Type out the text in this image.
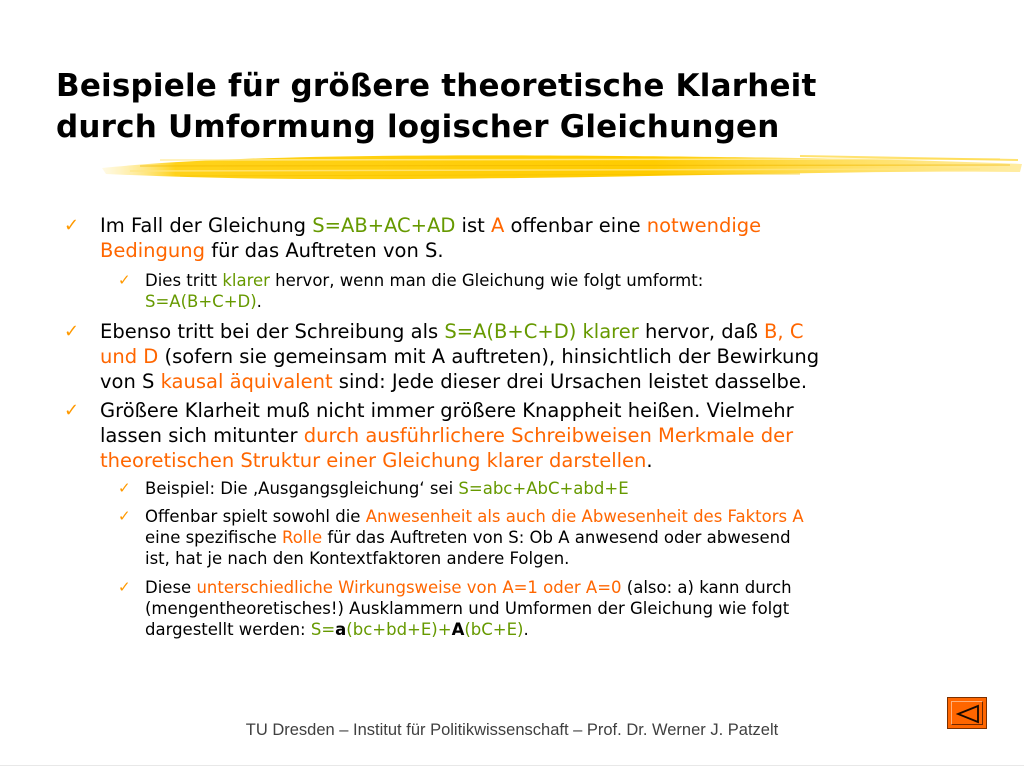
Beispiele für größere theoretische Klarheit
durch Umformung logischer Gleichungen
✓ Im Fall der Gleichung S=AB+AC+AD ist A offenbar eine notwendige
Bedingung für das Auftreten von S.
✓ Dies tritt klarer hervor, wenn man die Gleichung wie folgt umformt:
S=A(B+C+D).
✓ Ebenso tritt bei der Schreibung als S=A(B+C+D) klarer hervor, daß B, C
und D (sofern sie gemeinsam mit A auftreten), hinsichtlich der Bewirkung
von S kausal äquivalent sind: Jede dieser drei Ursachen leistet dasselbe.
✓ Größere Klarheit muß nicht immer größere Knappheit heißen. Vielmehr
lassen sich mitunter durch ausführlichere Schreibweisen Merkmale der
theoretischen Struktur einer Gleichung klarer darstellen.
✓ Beispiel: Die ‚Ausgangsgleichung‘ sei S=abc+AbC+abd+E
✓ Offenbar spielt sowohl die Anwesenheit als auch die Abwesenheit des Faktors A
eine spezifische Rolle für das Auftreten von S: Ob A anwesend oder abwesend
ist, hat je nach den Kontextfaktoren andere Folgen.
✓ Diese unterschiedliche Wirkungsweise von A=1 oder A=0 (also: a) kann durch
(mengentheoretisches!) Ausklammern und Umformen der Gleichung wie folgt
dargestellt werden: S=a(bc+bd+E)+A(bC+E).
TU Dresden – Institut für Politikwissenschaft – Prof. Dr. Werner J. Patzelt
